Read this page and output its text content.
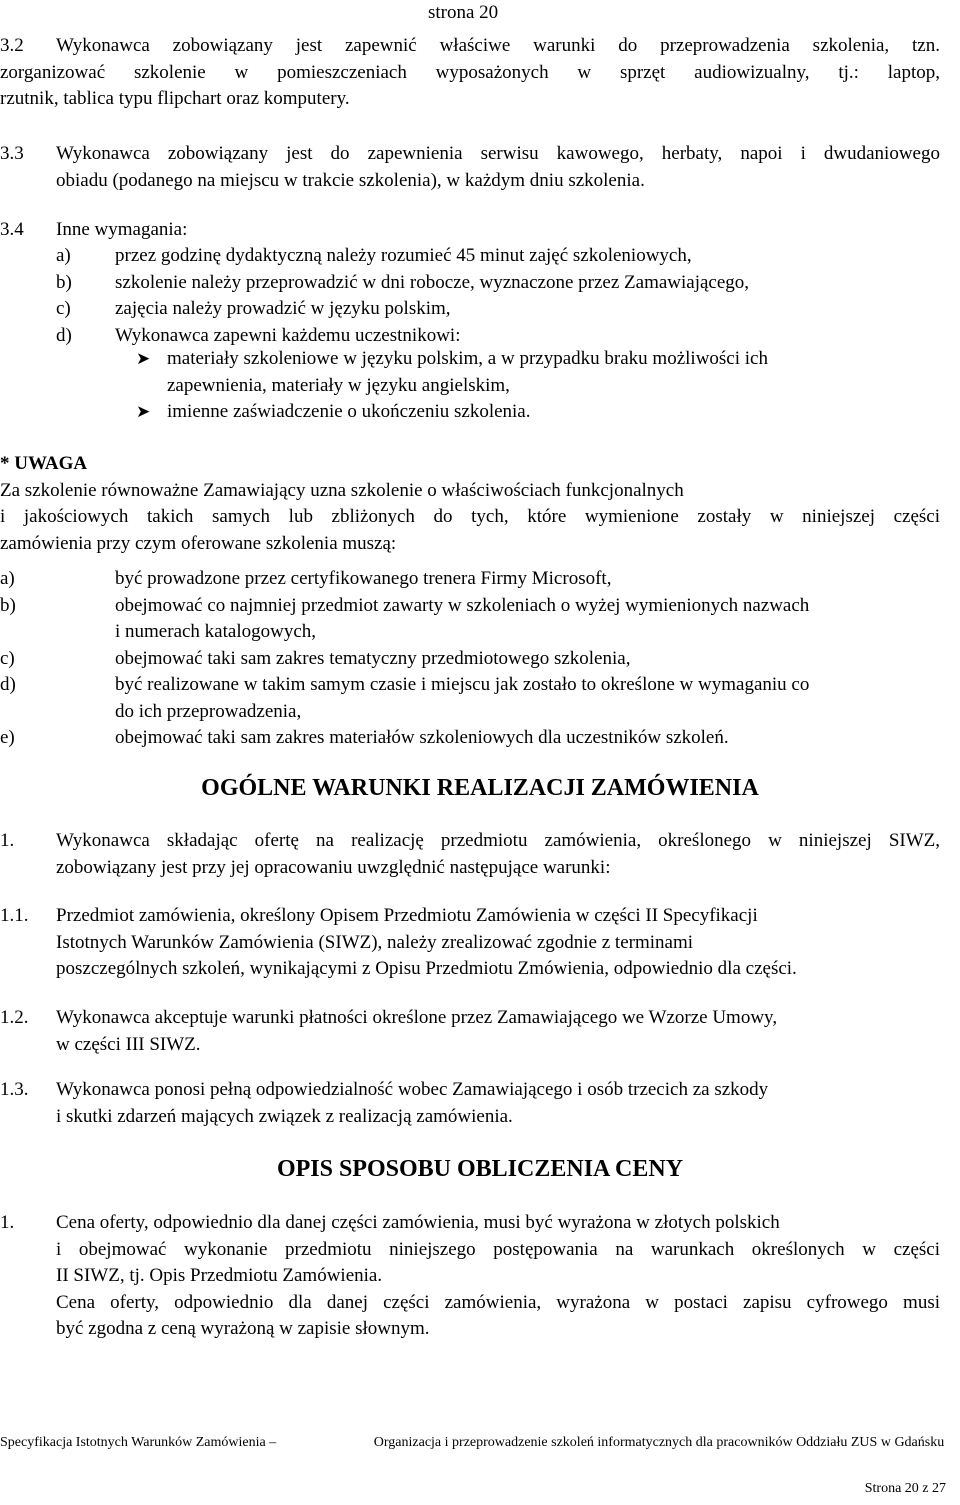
strona 20
3.2 Wykonawca zobowiązany jest zapewnić właściwe warunki do przeprowadzenia szkolenia, tzn.
zorganizować szkolenie w pomieszczeniach wyposażonych w sprzęt audiowizualny, tj.: laptop,
rzutnik, tablica typu flipchart oraz komputery.
3.3 Wykonawca zobowiązany jest do zapewnienia serwisu kawowego, herbaty, napoi i dwudaniowego
obiadu (podanego na miejscu w trakcie szkolenia), w każdym dniu szkolenia.
3.4 Inne wymagania:
a) przez godzinę dydaktyczną należy rozumieć 45 minut zajęć szkoleniowych,
b) szkolenie należy przeprowadzić w dni robocze, wyznaczone przez Zamawiającego,
c) zajęcia należy prowadzić w języku polskim,
d) Wykonawca zapewni każdemu uczestnikowi:
➤ materiały szkoleniowe w języku polskim, a w przypadku braku możliwości ich
zapewnienia, materiały w języku angielskim,
➤ imienne zaświadczenie o ukończeniu szkolenia.
* UWAGA
Za szkolenie równoważne Zamawiający uzna szkolenie o właściwościach funkcjonalnych
i jakościowych takich samych lub zbliżonych do tych, które wymienione zostały w niniejszej części
zamówienia przy czym oferowane szkolenia muszą:
a)	być prowadzone przez certyfikowanego trenera Firmy Microsoft,
b)	obejmować co najmniej przedmiot zawarty w szkoleniach o wyżej wymienionych nazwach
i numerach katalogowych,
c)	obejmować taki sam zakres tematyczny przedmiotowego szkolenia,
d)	być realizowane w takim samym czasie i miejscu jak zostało to określone w wymaganiu co
do ich przeprowadzenia,
e)	obejmować taki sam zakres materiałów szkoleniowych dla uczestników szkoleń.
OGÓLNE WARUNKI REALIZACJI ZAMÓWIENIA
1. Wykonawca składając ofertę na realizację przedmiotu zamówienia, określonego w niniejszej SIWZ,
zobowiązany jest przy jej opracowaniu uwzględnić następujące warunki:
1.1. Przedmiot zamówienia, określony Opisem Przedmiotu Zamówienia w części II Specyfikacji
Istotnych Warunków Zamówienia (SIWZ), należy zrealizować zgodnie z terminami
poszczególnych szkoleń, wynikającymi z Opisu Przedmiotu Zmówienia, odpowiednio dla części.
1.2. Wykonawca akceptuje warunki płatności określone przez Zamawiającego we Wzorze Umowy,
w części III SIWZ.
1.3. Wykonawca ponosi pełną odpowiedzialność wobec Zamawiającego i osób trzecich za szkody
i skutki zdarzeń mających związek z realizacją zamówienia.
OPIS SPOSOBU OBLICZENIA CENY
1. Cena oferty, odpowiednio dla danej części zamówienia, musi być wyrażona w złotych polskich
i obejmować wykonanie przedmiotu niniejszego postępowania na warunkach określonych w części
II SIWZ, tj. Opis Przedmiotu Zamówienia.
Cena oferty, odpowiednio dla danej części zamówienia, wyrażona w postaci zapisu cyfrowego musi
być zgodna z ceną wyrażoną w zapisie słownym.
Specyfikacja Istotnych Warunków Zamówienia –	Organizacja i przeprowadzenie szkoleń informatycznych dla pracowników Oddziału ZUS w Gdańsku
Strona 20 z 27
